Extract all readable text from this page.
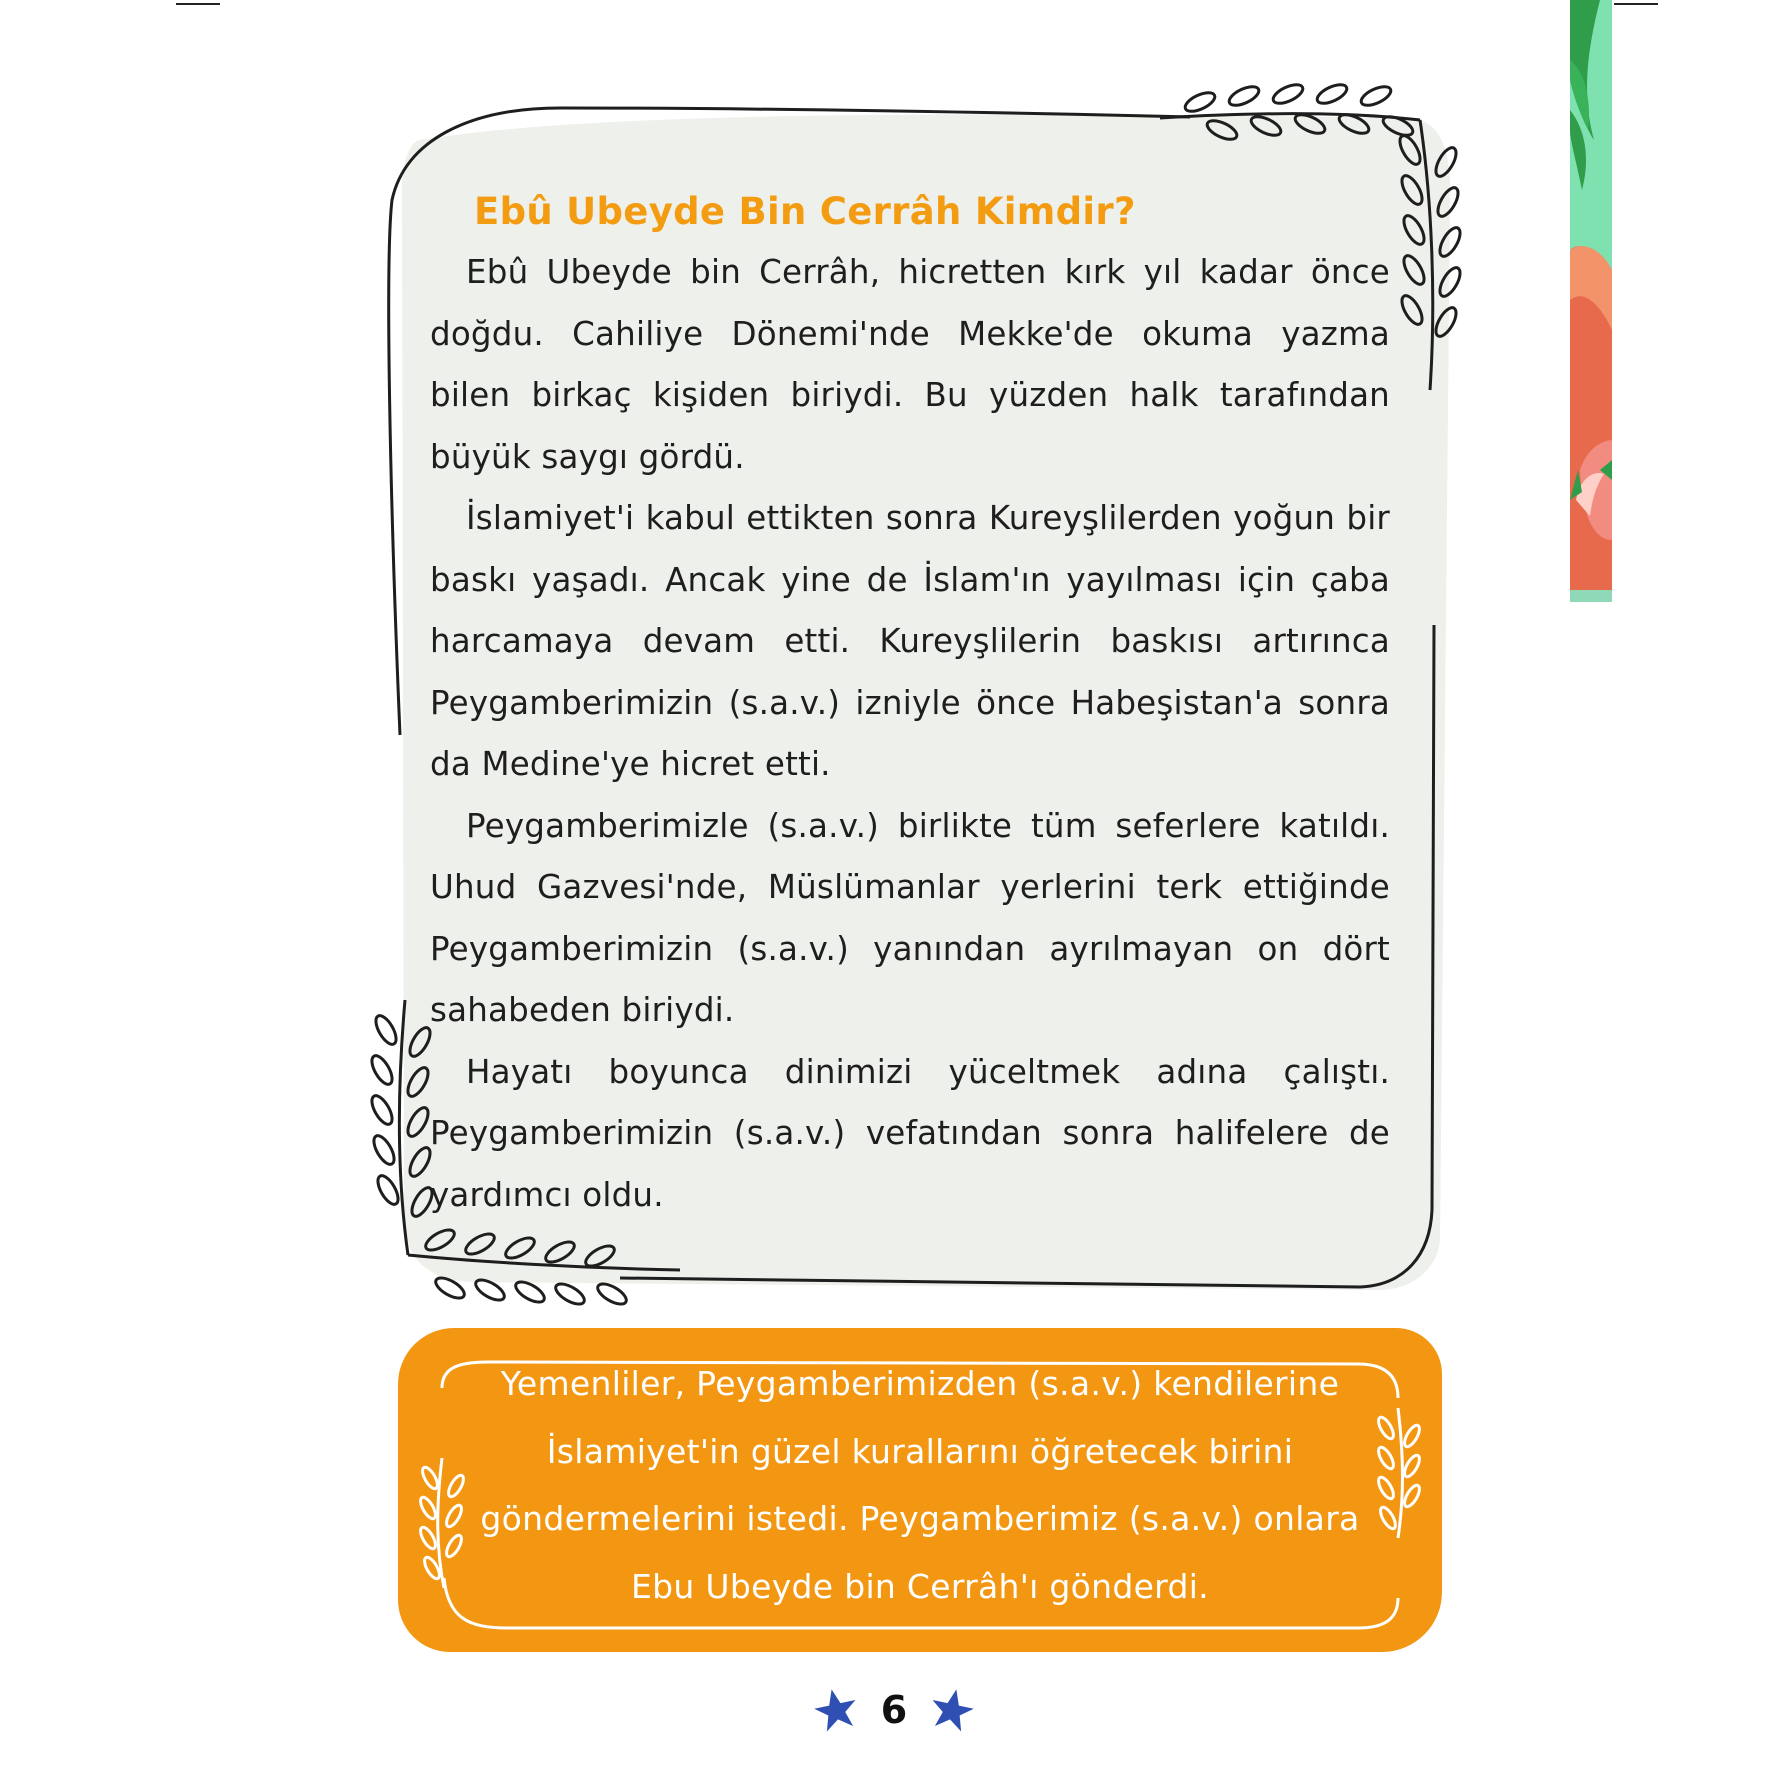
Ebû Ubeyde Bin Cerrâh Kimdir?

Ebû Ubeyde bin Cerrâh, hicretten kırk yıl kadar önce doğdu. Cahiliye Dönemi'nde Mekke'de okuma yazma bilen birkaç kişiden biriydi. Bu yüzden halk tarafından büyük saygı gördü.

İslamiyet'i kabul ettikten sonra Kureyşlilerden yoğun bir baskı yaşadı. Ancak yine de İslam'ın yayılması için çaba harcamaya devam etti. Kureyşlilerin baskısı artırınca Peygamberimizin (s.a.v.) izniyle önce Habeşistan'a sonra da Medine'ye hicret etti.

Peygamberimizle (s.a.v.) birlikte tüm seferlere katıldı. Uhud Gazvesi'nde, Müslümanlar yerlerini terk ettiğinde Peygamberimizin (s.a.v.) yanından ayrılmayan on dört sahabeden biriydi.

Hayatı boyunca dinimizi yüceltmek adına çalıştı. Peygamberimizin (s.a.v.) vefatından sonra halifelere de yardımcı oldu.

Yemenliler, Peygamberimizden (s.a.v.) kendilerine İslamiyet'in güzel kurallarını öğretecek birini göndermelerini istedi. Peygamberimiz (s.a.v.) onlara Ebu Ubeyde bin Cerrâh'ı gönderdi.
6
